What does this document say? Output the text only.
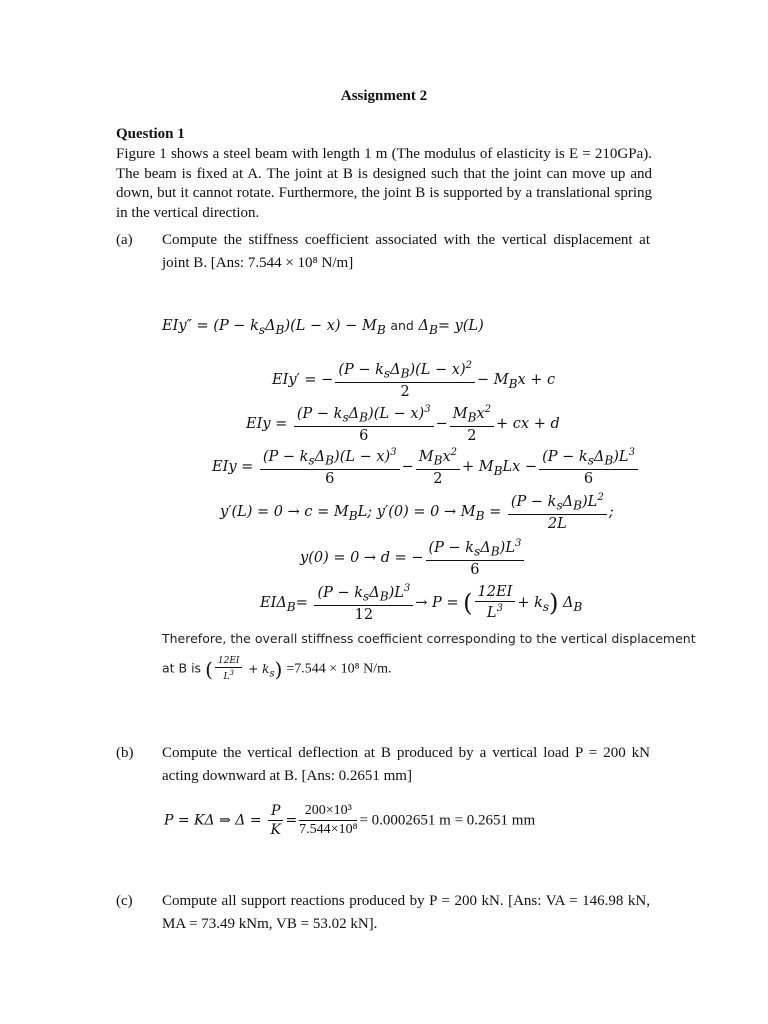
Assignment 2
Question 1
Figure 1 shows a steel beam with length 1 m (The modulus of elasticity is E = 210GPa). The beam is fixed at A. The joint at B is designed such that the joint can move up and down, but it cannot rotate. Furthermore, the joint B is supported by a translational spring in the vertical direction.
(a) Compute the stiffness coefficient associated with the vertical displacement at joint B. [Ans: 7.544 × 10⁸ N/m]
$EIy'' = (P - k_s\Delta_B)(L - x) - M_B$ and $\Delta_B= y(L)$
EIy′ = − $\frac{(P - k_s\Delta_B)(L - x)^2}{2} - M_Bx + c$
EIy = $\frac{(P - k_s\Delta_B)(L - x)^3}{6} - \frac{M_Bx^2}{2}$ + cx + d
EIy = $\frac{(P - k_s\Delta_B)(L - x)^3}{6} - \frac{M_Bx^2}{2} + M_BLx - \frac{(P - k_s\Delta_B)L^3}{6}$
$y'(L) = 0 \to c = M_BL$; $y'(0) = 0 \to M_B = \frac{(P - k_s\Delta_B)L^2}{2L}$ ;
y(0) = 0 → d = − $\frac{(P - k_s\Delta_B)L^3}{6}$
$EI\Delta_B= \frac{(P - k_s\Delta_B)L^3}{12} \to P$ = ( $\frac{12EI}{L^3} + k_s$) $\Delta_B$
Therefore, the overall stiffness coefficient corresponding to the vertical displacement
at B is ( $\frac{12EI}{L^3} + k_s) =7.544 \times 10^8$ N/m.
(b) Compute the vertical deflection at B produced by a vertical load P = 200 kN acting downward at B. [Ans: 0.2651 mm]
P = KΔ ⇒ $\Delta = \frac{P}{K} = \frac{\text{200×10³}}{\text{7.544×10⁸}} = 0.0002651$ m = 0.2651 mm
(c) Compute all support reactions produced by P = 200 kN. [Ans: VA = 146.98 kN, MA = 73.49 kNm, VB = 53.02 kN].
